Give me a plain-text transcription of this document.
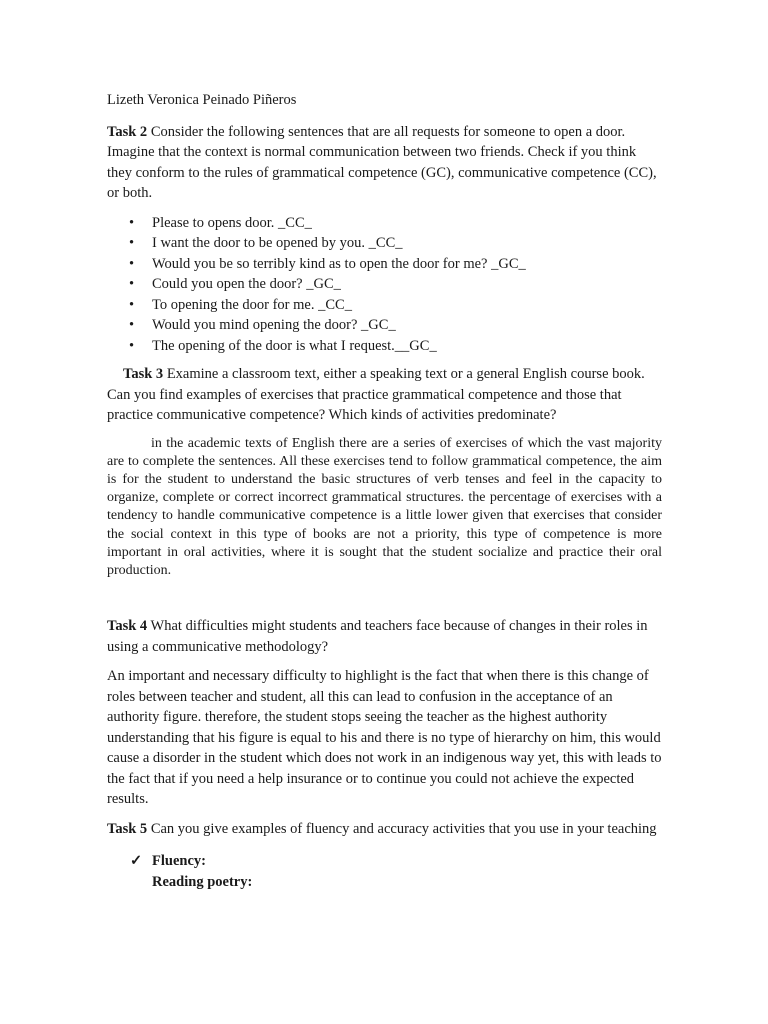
Lizeth Veronica Peinado Piñeros

Task 2 Consider the following sentences that are all requests for someone to open a door. Imagine that the context is normal communication between two friends. Check if you think they conform to the rules of grammatical competence (GC), communicative competence (CC), or both.

• Please to opens door. _CC_
• I want the door to be opened by you. _CC_
• Would you be so terribly kind as to open the door for me? _GC_
• Could you open the door? _GC_
• To opening the door for me. _CC_
• Would you mind opening the door? _GC_
• The opening of the door is what I request.__GC_

Task 3 Examine a classroom text, either a speaking text or a general English course book. Can you find examples of exercises that practice grammatical competence and those that practice communicative competence? Which kinds of activities predominate?

in the academic texts of English there are a series of exercises of which the vast majority are to complete the sentences. All these exercises tend to follow grammatical competence, the aim is for the student to understand the basic structures of verb tenses and feel in the capacity to organize, complete or correct incorrect grammatical structures. the percentage of exercises with a tendency to handle communicative competence is a little lower given that exercises that consider the social context in this type of books are not a priority, this type of competence is more important in oral activities, where it is sought that the student socialize and practice their oral production.

Task 4 What difficulties might students and teachers face because of changes in their roles in using a communicative methodology?

An important and necessary difficulty to highlight is the fact that when there is this change of roles between teacher and student, all this can lead to confusion in the acceptance of an authority figure. therefore, the student stops seeing the teacher as the highest authority understanding that his figure is equal to his and there is no type of hierarchy on him, this would cause a disorder in the student which does not work in an indigenous way yet, this with leads to the fact that if you need a help insurance or to continue you could not achieve the expected results.

Task 5 Can you give examples of fluency and accuracy activities that you use in your teaching

✓ Fluency:
Reading poetry:
